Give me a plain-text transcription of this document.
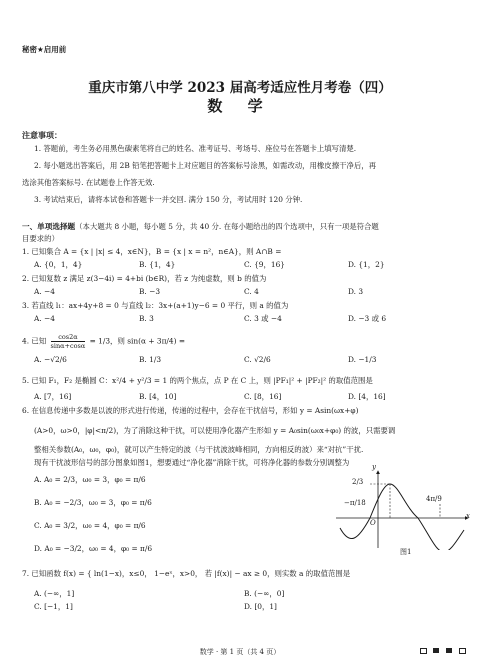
秘密★启用前
重庆市第八中学 2023 届高考适应性月考卷（四）
数 学
注意事项：
1. 答题前，考生务必用黑色碳素笔将自己的姓名、准考证号、考场号、座位号在答题卡上填写清楚.
2. 每小题选出答案后，用 2B 铅笔把答题卡上对应题目的答案标号涂黑，如需改动，用橡皮擦干净后，再
选涂其他答案标号. 在试题卷上作答无效.
3. 考试结束后，请将本试卷和答题卡一并交回. 满分 150 分，考试用时 120 分钟.
一、单项选择题（本大题共 8 小题，每小题 5 分，共 40 分. 在每小题给出的四个选项中，只有一项是符合题
目要求的）
1. 已知集合 A = {x | |x| ≤ 4，x∈N}，B = {x | x = n²，n∈A}，则 A∩B =
A. {0，1，4}	B. {1，4}	C. {9，16}	D. {1，2}
2. 已知复数 z 满足 z(3−4i) = 4+bi (b∈R)，若 z 为纯虚数，则 b 的值为
A. −4	B. −3	C. 4	D. 3
3. 若直线 l₁：ax+4y+8 = 0 与直线 l₂：3x+(a+1)y−6 = 0 平行，则 a 的值为
A. −4	B. 3	C. 3 或 −4	D. −3 或 6
4. 已知 $\frac{\cos 2\alpha}{\sin\alpha+\cos\alpha} = 1/3$，则 sin(α + 3π/4) =
A. −√2/6	B. 1/3	C. √2/6	D. −1/3
5. 已知 F₁，F₂ 是椭圆 C：x²/4 + y²/3 = 1 的两个焦点，点 P 在 C 上，则 |PF₁|² + |PF₂|² 的取值范围是
A. [7，16]	B. [4，10]	C. [8，16]	D. [4，16]
6. 在信息传递中多数是以波的形式进行传递，传递的过程中，会存在干扰信号，形如 y = Asin(ωx+φ)
(A>0，ω>0，|φ|<π/2)，为了消除这种干扰，可以使用净化器产生形如 y = A₀sin(ω₀x+φ₀) 的波，只需要调
整相关参数(A₀，ω₀，φ₀)，就可以产生特定的波（与干扰波波峰相同，方向相反的波）来“对抗”干扰.
现有干扰波形信号的部分图象如图1，想要通过“净化器”消除干扰，可将净化器的参数分别调整为
A. A₀ = 2/3，ω₀ = 3，φ₀ = π/6
B. A₀ = −2/3，ω₀ = 3，φ₀ = π/6
C. A₀ = 3/2，ω₀ = 4，φ₀ = π/6
D. A₀ = −3/2，ω₀ = 4，φ₀ = π/6
y
x
O
2/3
−π/18	4π/9
图1
7. 已知函数 f(x) = { ln(1−x)，x≤0， 1−eˣ，x>0， 若 |f(x)| − ax ≥ 0，则实数 a 的取值范围是
A. (−∞，1]	B. (−∞，0]
C. [−1，1]	D. [0，1]
数学 · 第 1 页（共 4 页）
